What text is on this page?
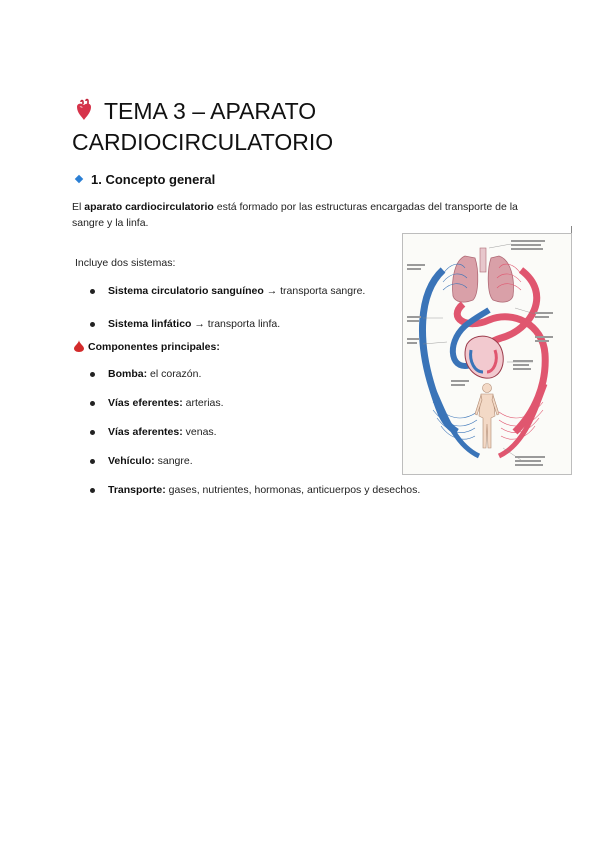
TEMA 3 – APARATO CARDIOCIRCULATORIO
1. Concepto general
El aparato cardiocirculatorio está formado por las estructuras encargadas del transporte de la sangre y la linfa.
Incluye dos sistemas:
Sistema circulatorio sanguíneo → transporta sangre.
Sistema linfático → transporta linfa.
Componentes principales:
Bomba: el corazón.
Vías eferentes: arterias.
Vías aferentes: venas.
Vehículo: sangre.
Transporte: gases, nutrientes, hormonas, anticuerpos y desechos.
